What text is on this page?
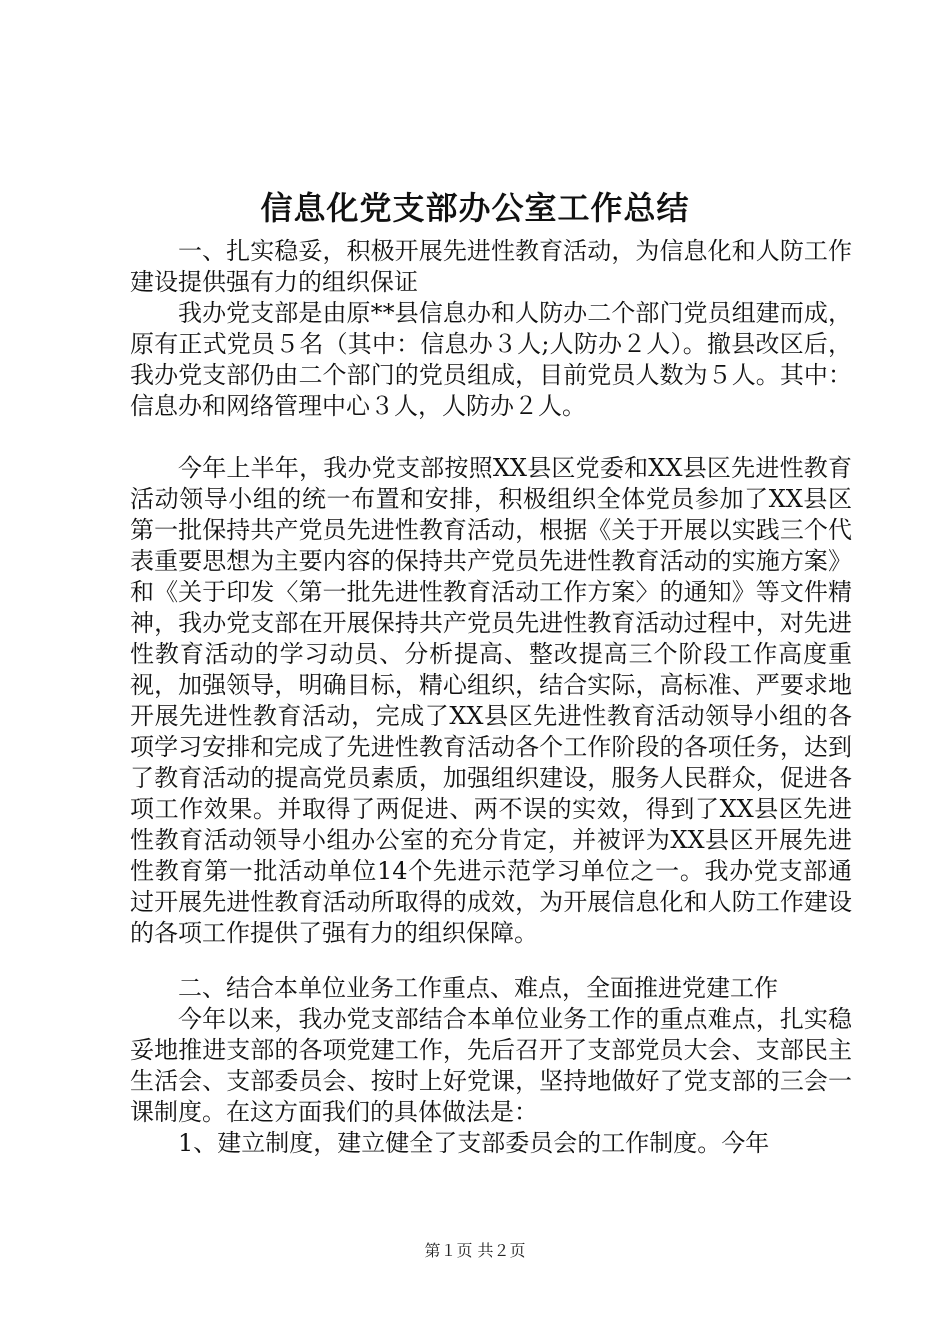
信息化党支部办公室工作总结

一、扎实稳妥，积极开展先进性教育活动，为信息化和人防工作建设提供强有力的组织保证

我办党支部是由原**县信息办和人防办二个部门党员组建而成，原有正式党员５名（其中：信息办３人;人防办２人）。撤县改区后，我办党支部仍由二个部门的党员组成，目前党员人数为５人。其中：信息办和网络管理中心３人，人防办２人。

今年上半年，我办党支部按照XX县区党委和XX县区先进性教育活动领导小组的统一布置和安排，积极组织全体党员参加了XX县区第一批保持共产党员先进性教育活动，根据《关于开展以实践三个代表重要思想为主要内容的保持共产党员先进性教育活动的实施方案》和《关于印发〈第一批先进性教育活动工作方案〉的通知》等文件精神，我办党支部在开展保持共产党员先进性教育活动过程中，对先进性教育活动的学习动员、分析提高、整改提高三个阶段工作高度重视，加强领导，明确目标，精心组织，结合实际，高标准、严要求地开展先进性教育活动，完成了XX县区先进性教育活动领导小组的各项学习安排和完成了先进性教育活动各个工作阶段的各项任务，达到了教育活动的提高党员素质，加强组织建设，服务人民群众，促进各项工作效果。并取得了两促进、两不误的实效，得到了XX县区先进性教育活动领导小组办公室的充分肯定，并被评为XX县区开展先进性教育第一批活动单位14个先进示范学习单位之一。我办党支部通过开展先进性教育活动所取得的成效，为开展信息化和人防工作建设的各项工作提供了强有力的组织保障。

二、结合本单位业务工作重点、难点，全面推进党建工作

今年以来，我办党支部结合本单位业务工作的重点难点，扎实稳妥地推进支部的各项党建工作，先后召开了支部党员大会、支部民主生活会、支部委员会、按时上好党课，坚持地做好了党支部的三会一课制度。在这方面我们的具体做法是：

1、建立制度，建立健全了支部委员会的工作制度。今年

第１页 共２页
